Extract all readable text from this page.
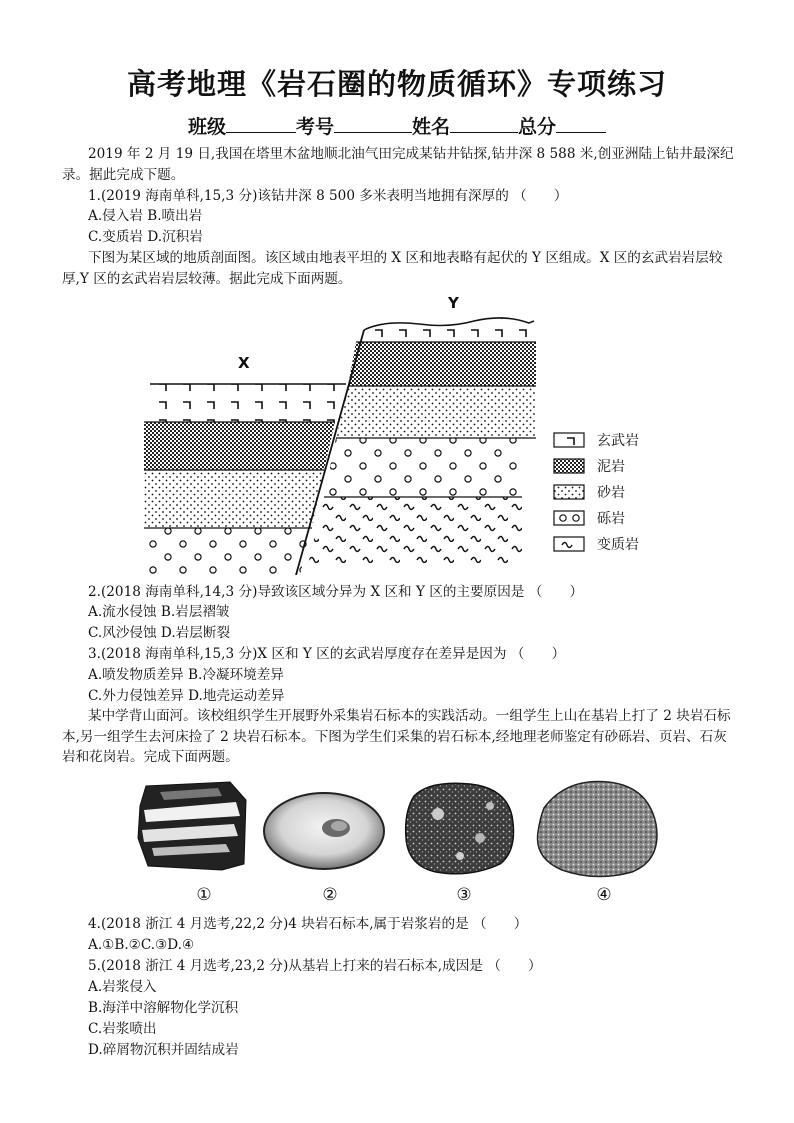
高考地理《岩石圈的物质循环》专项练习
班级	考号	姓名	总分
2019 年 2 月 19 日,我国在塔里木盆地顺北油气田完成某钻井钻探,钻井深 8 588 米,创亚洲陆上钻井最深纪录。据此完成下题。
1.(2019 海南单科,15,3 分)该钻井深 8 500 多米表明当地拥有深厚的 （　　）
A.侵入岩 B.喷出岩
C.变质岩 D.沉积岩
下图为某区域的地质剖面图。该区域由地表平坦的 X 区和地表略有起伏的 Y 区组成。X 区的玄武岩岩层较厚,Y 区的玄武岩岩层较薄。据此完成下面两题。
X
Y
玄武岩
泥岩
砂岩
砾岩
变质岩
2.(2018 海南单科,14,3 分)导致该区域分异为 X 区和 Y 区的主要原因是 （　　）
A.流水侵蚀 B.岩层褶皱
C.风沙侵蚀 D.岩层断裂
3.(2018 海南单科,15,3 分)X 区和 Y 区的玄武岩厚度存在差异是因为 （　　）
A.喷发物质差异 B.冷凝环境差异
C.外力侵蚀差异 D.地壳运动差异
某中学背山面河。该校组织学生开展野外采集岩石标本的实践活动。一组学生上山在基岩上打了 2 块岩石标本,另一组学生去河床捡了 2 块岩石标本。下图为学生们采集的岩石标本,经地理老师鉴定有砂砾岩、页岩、石灰岩和花岗岩。完成下面两题。
①	②	③	④
4.(2018 浙江 4 月选考,22,2 分)4 块岩石标本,属于岩浆岩的是 （　　）
A.①B.②C.③D.④
5.(2018 浙江 4 月选考,23,2 分)从基岩上打来的岩石标本,成因是 （　　）
A.岩浆侵入
B.海洋中溶解物化学沉积
C.岩浆喷出
D.碎屑物沉积并固结成岩
